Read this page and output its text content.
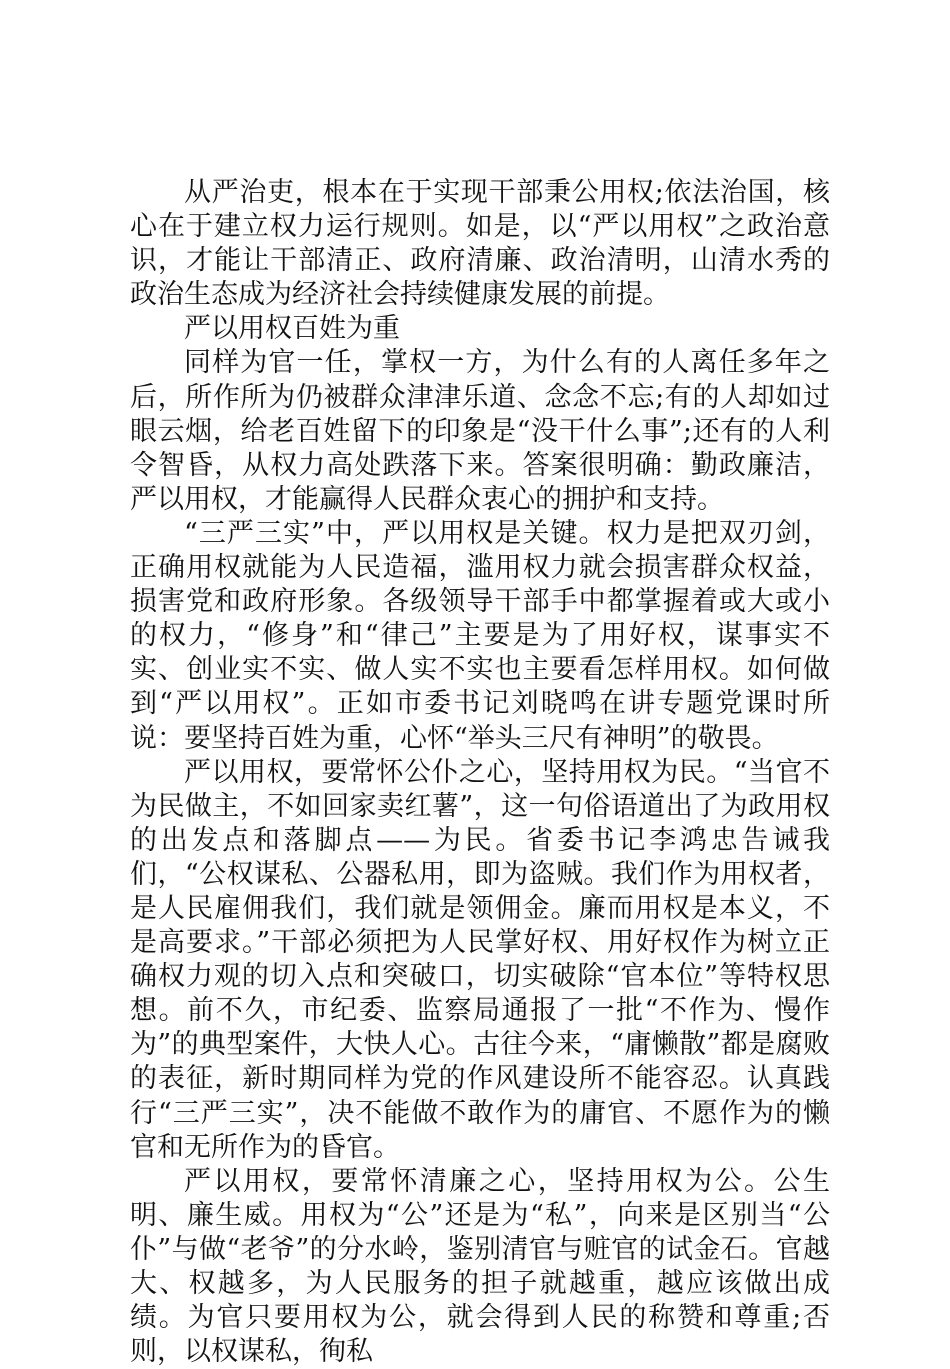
从严治吏，根本在于实现干部秉公用权;依法治国，核心在于建立权力运行规则。如是，以“严以用权”之政治意识，才能让干部清正、政府清廉、政治清明，山清水秀的政治生态成为经济社会持续健康发展的前提。

严以用权百姓为重

同样为官一任，掌权一方，为什么有的人离任多年之后，所作所为仍被群众津津乐道、念念不忘;有的人却如过眼云烟，给老百姓留下的印象是“没干什么事”;还有的人利令智昏，从权力高处跌落下来。答案很明确：勤政廉洁，严以用权，才能赢得人民群众衷心的拥护和支持。

“三严三实”中，严以用权是关键。权力是把双刃剑，正确用权就能为人民造福，滥用权力就会损害群众权益，损害党和政府形象。各级领导干部手中都掌握着或大或小的权力，“修身”和“律己”主要是为了用好权，谋事实不实、创业实不实、做人实不实也主要看怎样用权。如何做到“严以用权”。正如市委书记刘晓鸣在讲专题党课时所说：要坚持百姓为重，心怀“举头三尺有神明”的敬畏。

严以用权，要常怀公仆之心，坚持用权为民。“当官不为民做主，不如回家卖红薯”，这一句俗语道出了为政用权的出发点和落脚点——为民。省委书记李鸿忠告诫我们，“公权谋私、公器私用，即为盗贼。我们作为用权者，是人民雇佣我们，我们就是领佣金。廉而用权是本义，不是高要求。”干部必须把为人民掌好权、用好权作为树立正确权力观的切入点和突破口，切实破除“官本位”等特权思想。前不久，市纪委、监察局通报了一批“不作为、慢作为”的典型案件，大快人心。古往今来，“庸懒散”都是腐败的表征，新时期同样为党的作风建设所不能容忍。认真践行“三严三实”，决不能做不敢作为的庸官、不愿作为的懒官和无所作为的昏官。

严以用权，要常怀清廉之心，坚持用权为公。公生明、廉生威。用权为“公”还是为“私”，向来是区别当“公仆”与做“老爷”的分水岭，鉴别清官与赃官的试金石。官越大、权越多，为人民服务的担子就越重，越应该做出成绩。为官只要用权为公，就会得到人民的称赞和尊重;否则，以权谋私，徇私
